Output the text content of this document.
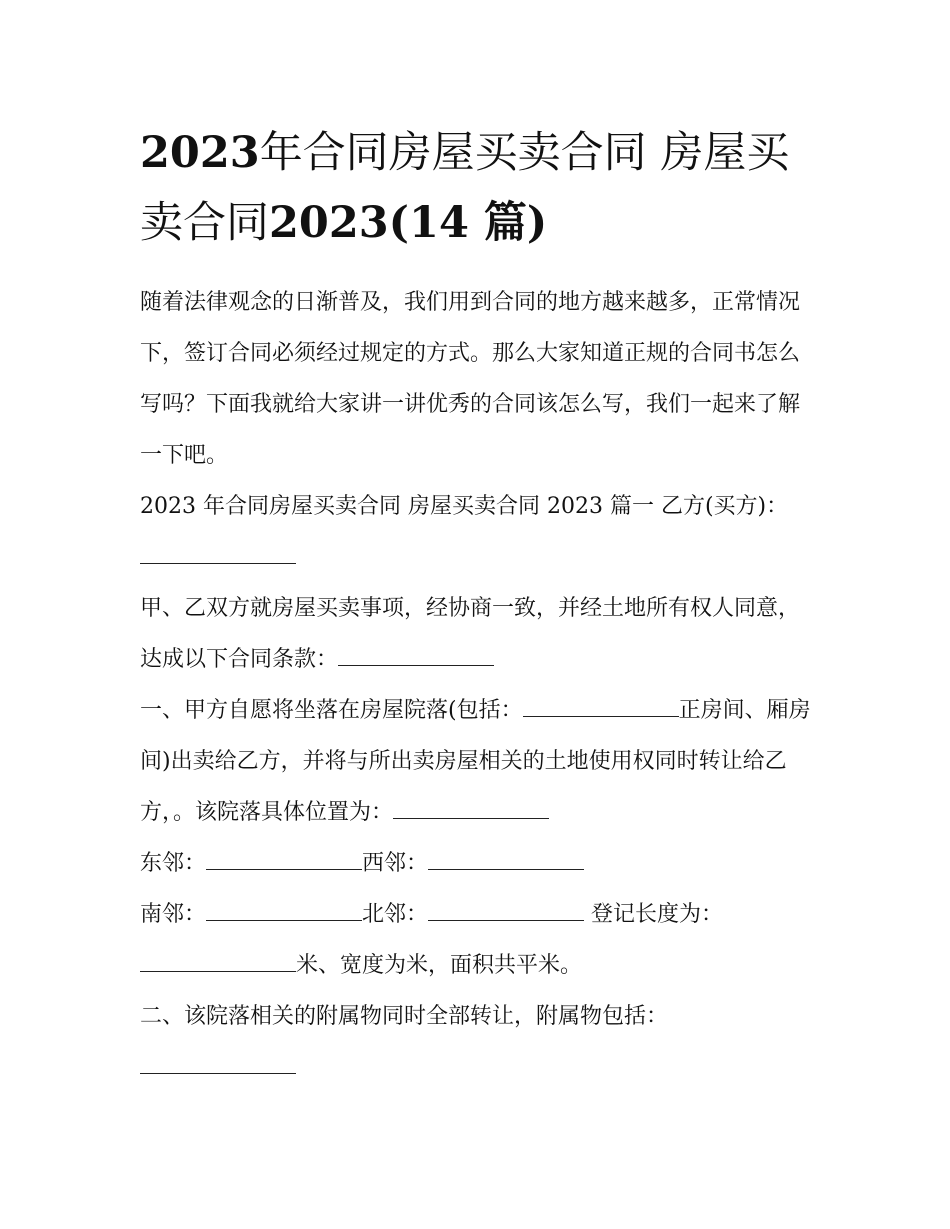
2023年合同房屋买卖合同 房屋买卖合同2023(14 篇)

随着法律观念的日渐普及，我们用到合同的地方越来越多，正常情况下，签订合同必须经过规定的方式。那么大家知道正规的合同书怎么写吗？下面我就给大家讲一讲优秀的合同该怎么写，我们一起来了解一下吧。

2023 年合同房屋买卖合同 房屋买卖合同 2023 篇一 乙方(买方)：

甲、乙双方就房屋买卖事项，经协商一致，并经土地所有权人同意，达成以下合同条款：

一、甲方自愿将坐落在房屋院落(包括：	正房间、厢房间)出卖给乙方，并将与所出卖房屋相关的土地使用权同时转让给乙方，。该院落具体位置为：

东邻：	西邻：

南邻：	北邻：	登记长度为：米、宽度为米，面积共平米。

二、该院落相关的附属物同时全部转让，附属物包括：
